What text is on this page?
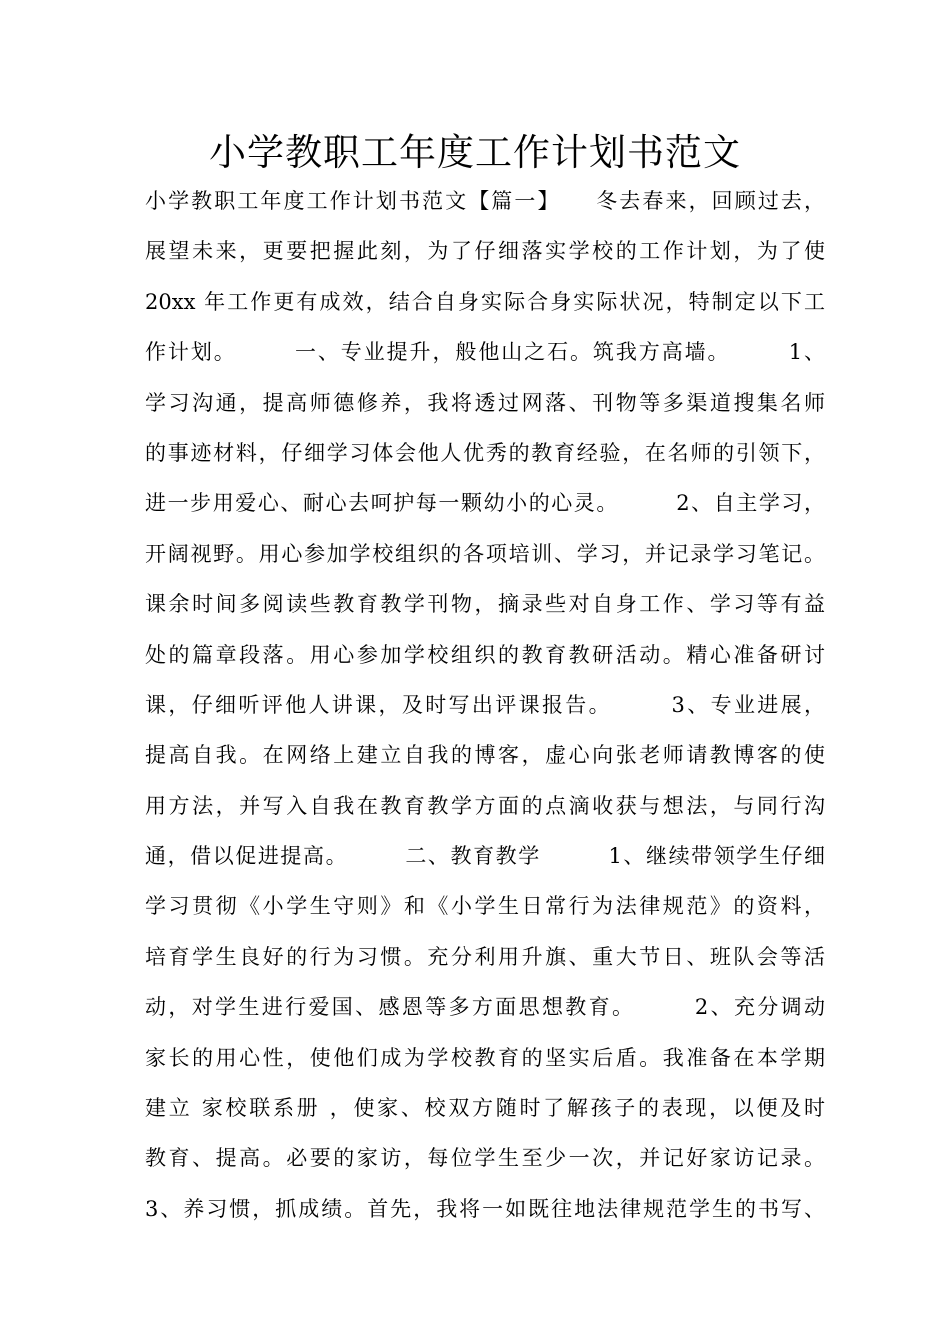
小学教职工年度工作计划书范文
小学教职工年度工作计划书范文【篇一】　　冬去春来，回顾过去，
展望未来，更要把握此刻，为了仔细落实学校的工作计划，为了使
20xx 年工作更有成效，结合自身实际合身实际状况，特制定以下工
作计划。　　　一、专业提升，般他山之石。筑我方高墙。　　　1、
学习沟通，提高师德修养，我将透过网落、刊物等多渠道搜集名师
的事迹材料，仔细学习体会他人优秀的教育经验，在名师的引领下，
进一步用爱心、耐心去呵护每一颗幼小的心灵。　　　2、自主学习，
开阔视野。用心参加学校组织的各项培训、学习，并记录学习笔记。
课余时间多阅读些教育教学刊物，摘录些对自身工作、学习等有益
处的篇章段落。用心参加学校组织的教育教研活动。精心准备研讨
课，仔细听评他人讲课，及时写出评课报告。　　　3、专业进展，
提高自我。在网络上建立自我的博客，虚心向张老师请教博客的使
用方法，并写入自我在教育教学方面的点滴收获与想法，与同行沟
通，借以促进提高。　　　二、教育教学　　　1、继续带领学生仔细
学习贯彻《小学生守则》和《小学生日常行为法律规范》的资料，
培育学生良好的行为习惯。充分利用升旗、重大节日、班队会等活
动，对学生进行爱国、感恩等多方面思想教育。　　　2、充分调动
家长的用心性，使他们成为学校教育的坚实后盾。我准备在本学期
建立 家校联系册 ，使家、校双方随时了解孩子的表现，以便及时
教育、提高。必要的家访，每位学生至少一次，并记好家访记录。
3、养习惯，抓成绩。首先，我将一如既往地法律规范学生的书写、
